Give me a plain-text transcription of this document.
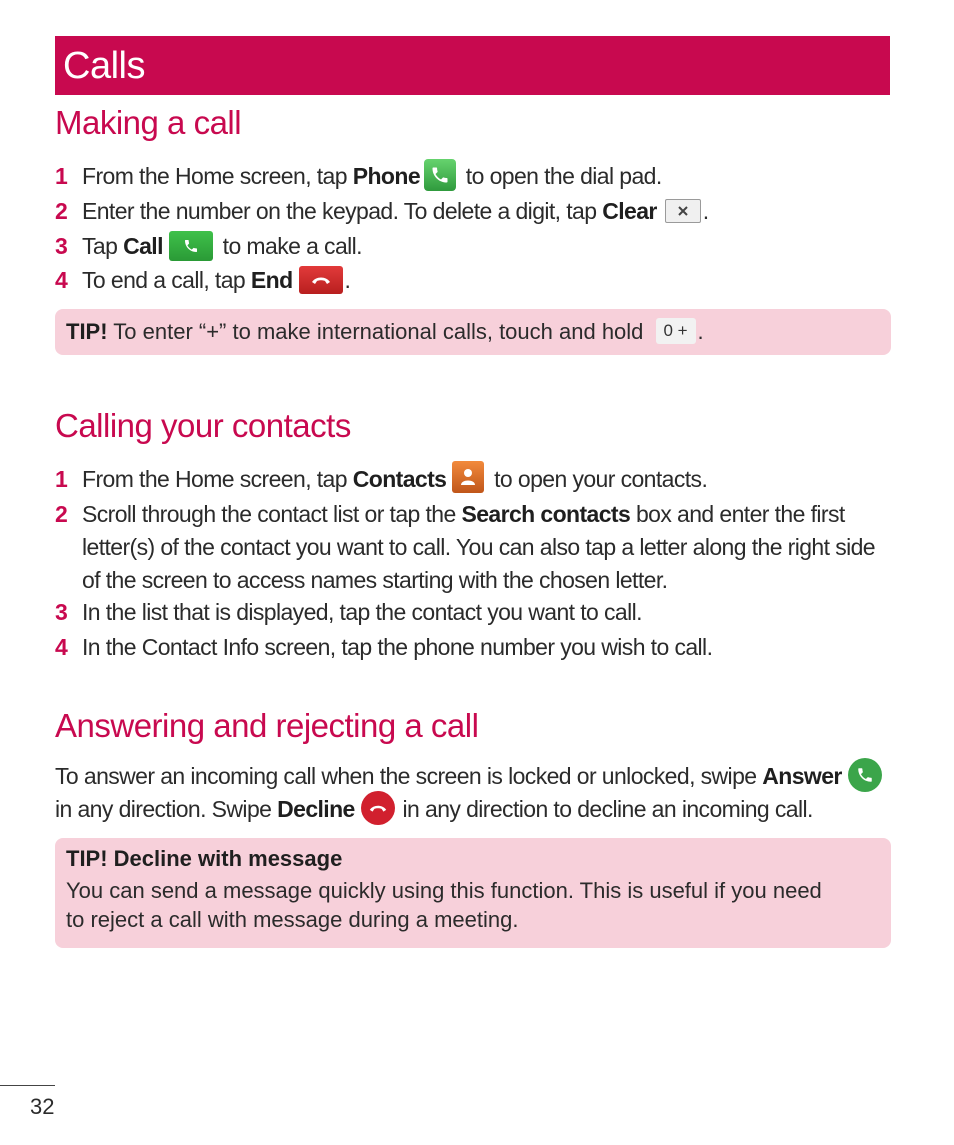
Calls
Making a call
1 From the Home screen, tap Phone
to open the dial pad.
2 Enter the number on the keypad. To delete a digit, tap Clear .
3 Tap Call
to make a call.
4 To end a call, tap End .
TIP! To enter “+” to make international calls, touch and hold 0 + .
Calling your contacts
1 From the Home screen, tap Contacts
to open your contacts.
2 Scroll through the contact list or tap the Search contacts box and enter the first letter(s) of the contact you want to call. You can also tap a letter along the right side of the screen to access names starting with the chosen letter.
3 In the list that is displayed, tap the contact you want to call.
4 In the Contact Info screen, tap the phone number you wish to call.
Answering and rejecting a call
To answer an incoming call when the screen is locked or unlocked, swipe Answer
in any direction. Swipe Decline
in any direction to decline an incoming call.
TIP! Decline with message
You can send a message quickly using this function. This is useful if you need
to reject a call with message during a meeting.
32
